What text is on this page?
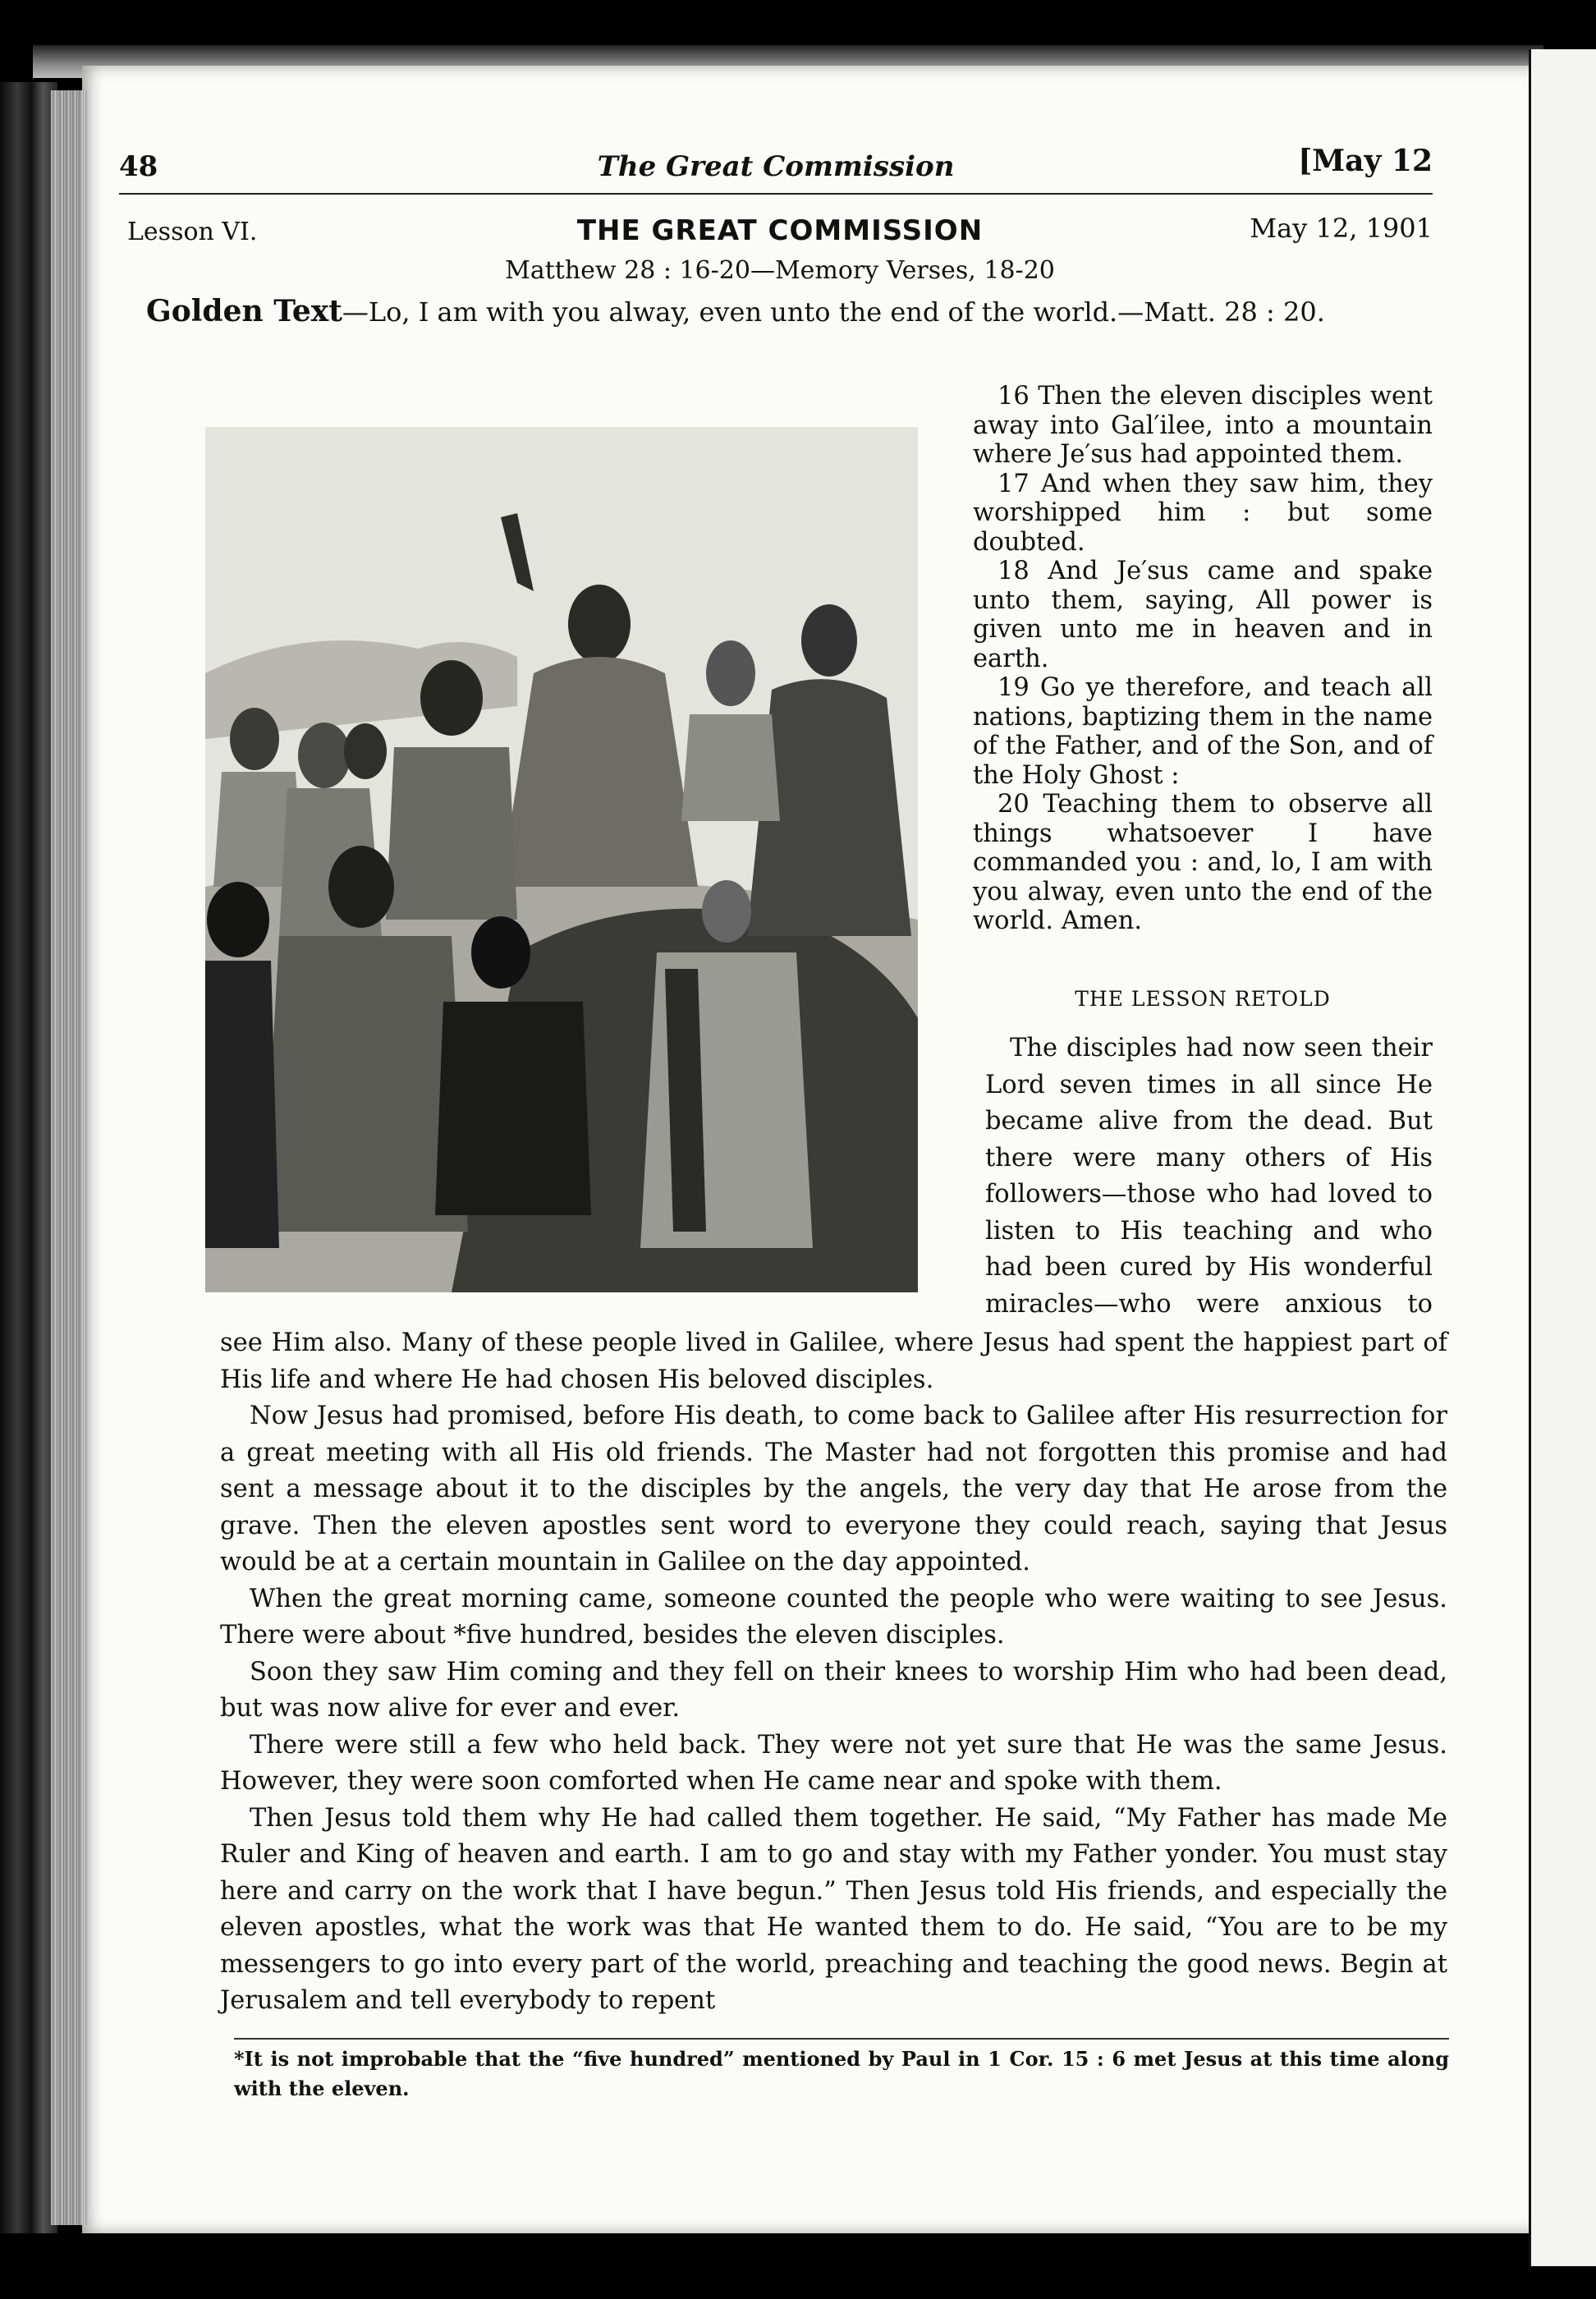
48	The Great Commission	[May 12
Lesson VI.	THE GREAT COMMISSION	May 12, 1901
Matthew 28 : 16-20—Memory Verses, 18-20
Golden Text—Lo, I am with you alway, even unto the end of the world.—Matt. 28 : 20.

16 Then the eleven disciples went away into Gal′ilee, into a mountain where Je′sus had appointed them.

17 And when they saw him, they worshipped him : but some doubted.

18 And Je′sus came and spake unto them, saying, All power is given unto me in heaven and in earth.

19 Go ye therefore, and teach all nations, baptizing them in the name of the Father, and of the Son, and of the Holy Ghost :

20 Teaching them to observe all things whatsoever I have commanded you : and, lo, I am with you alway, even unto the end of the world. Amen.

THE LESSON RETOLD

The disciples had now seen their

Lord seven times in all since He
became alive from the dead. But
there were many others of His
followers—those who had loved to
listen to His teaching and who
had been cured by His wonderful
miracles—who were anxious to

see Him also. Many of these people lived in Galilee, where Jesus had spent the happiest part of His life and where He had chosen His beloved disciples.

Now Jesus had promised, before His death, to come back to Galilee after His resurrection for a great meeting with all His old friends. The Master had not forgotten this promise and had sent a message about it to the disciples by the angels, the very day that He arose from the grave. Then the eleven apostles sent word to everyone they could reach, saying that Jesus would be at a certain mountain in Galilee on the day appointed.

When the great morning came, someone counted the people who were waiting to see Jesus. There were about *five hundred, besides the eleven disciples.

Soon they saw Him coming and they fell on their knees to worship Him who had been dead, but was now alive for ever and ever.

There were still a few who held back. They were not yet sure that He was the same Jesus. However, they were soon comforted when He came near and spoke with them.

Then Jesus told them why He had called them together. He said, “My Father has made Me Ruler and King of heaven and earth. I am to go and stay with my Father yonder. You must stay here and carry on the work that I have begun.” Then Jesus told His friends, and especially the eleven apostles, what the work was that He wanted them to do. He said, “You are to be my messengers to go into every part of the world, preaching and teaching the good news. Begin at Jerusalem and tell everybody to repent

*It is not improbable that the “five hundred” mentioned by Paul in 1 Cor. 15 : 6 met Jesus at this time along with the eleven.
